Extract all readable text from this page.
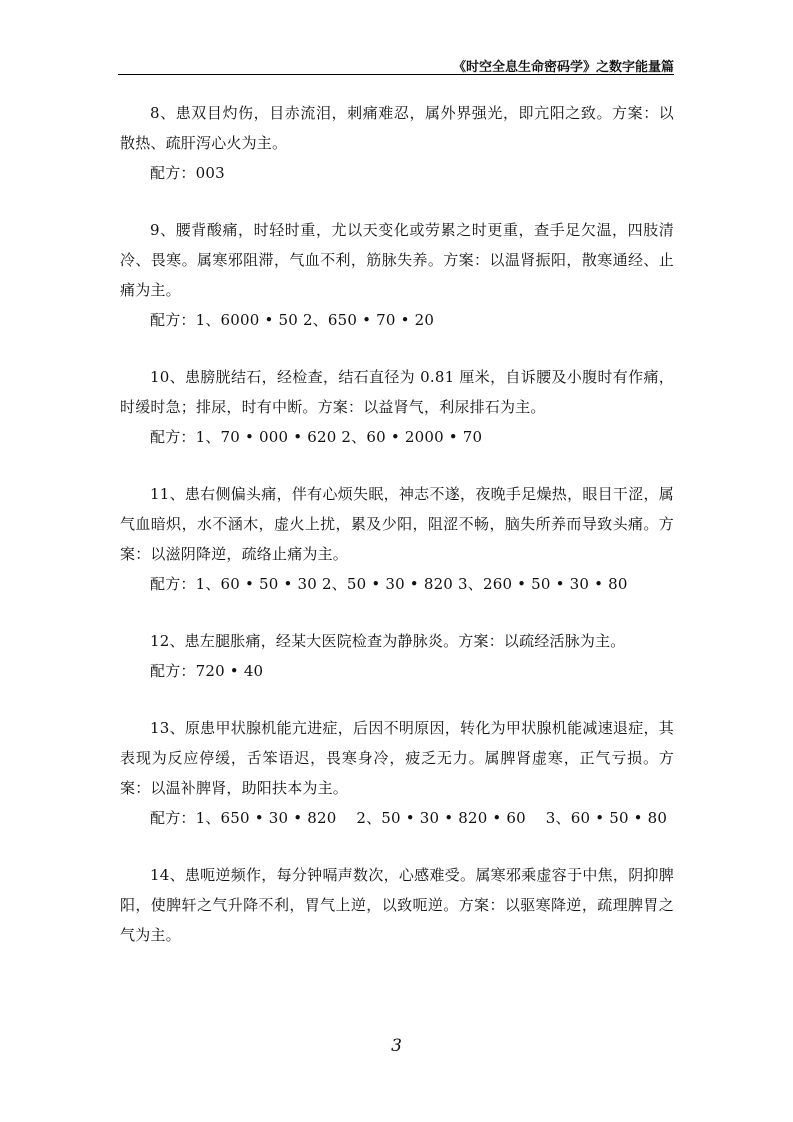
《时空全息生命密码学》之数字能量篇

8、患双目灼伤，目赤流泪，刺痛难忍，属外界强光，即亢阳之致。方案：以散热、疏肝泻心火为主。

配方：003

9、腰背酸痛，时轻时重，尤以天变化或劳累之时更重，查手足欠温，四肢清冷、畏寒。属寒邪阻滞，气血不利，筋脉失养。方案：以温肾振阳，散寒通经、止痛为主。

配方：1、6000 • 50 2、650 • 70 • 20

10、患膀胱结石，经检查，结石直径为 0.81 厘米，自诉腰及小腹时有作痛，时缓时急；排尿，时有中断。方案：以益肾气，利尿排石为主。

配方：1、70 • 000 • 620 2、60 • 2000 • 70

11、患右侧偏头痛，伴有心烦失眠，神志不遂，夜晚手足燥热，眼目干涩，属气血暗炽，水不涵木，虚火上扰，累及少阳，阻涩不畅，脑失所养而导致头痛。方案：以滋阴降逆，疏络止痛为主。

配方：1、60 • 50 • 30 2、50 • 30 • 820 3、260 • 50 • 30 • 80

12、患左腿胀痛，经某大医院检查为静脉炎。方案：以疏经活脉为主。

配方：720 • 40

13、原患甲状腺机能亢进症，后因不明原因，转化为甲状腺机能减速退症，其表现为反应停缓，舌笨语迟，畏寒身冷，疲乏无力。属脾肾虚寒，正气亏损。方案：以温补脾肾，助阳扶本为主。

配方：1、650 • 30 • 820    2、50 • 30 • 820 • 60    3、60 • 50 • 80

14、患呃逆频作，每分钟嗝声数次，心感难受。属寒邪乘虚容于中焦，阴抑脾阳，使脾轩之气升降不利，胃气上逆，以致呃逆。方案：以驱寒降逆，疏理脾胃之气为主。

3
